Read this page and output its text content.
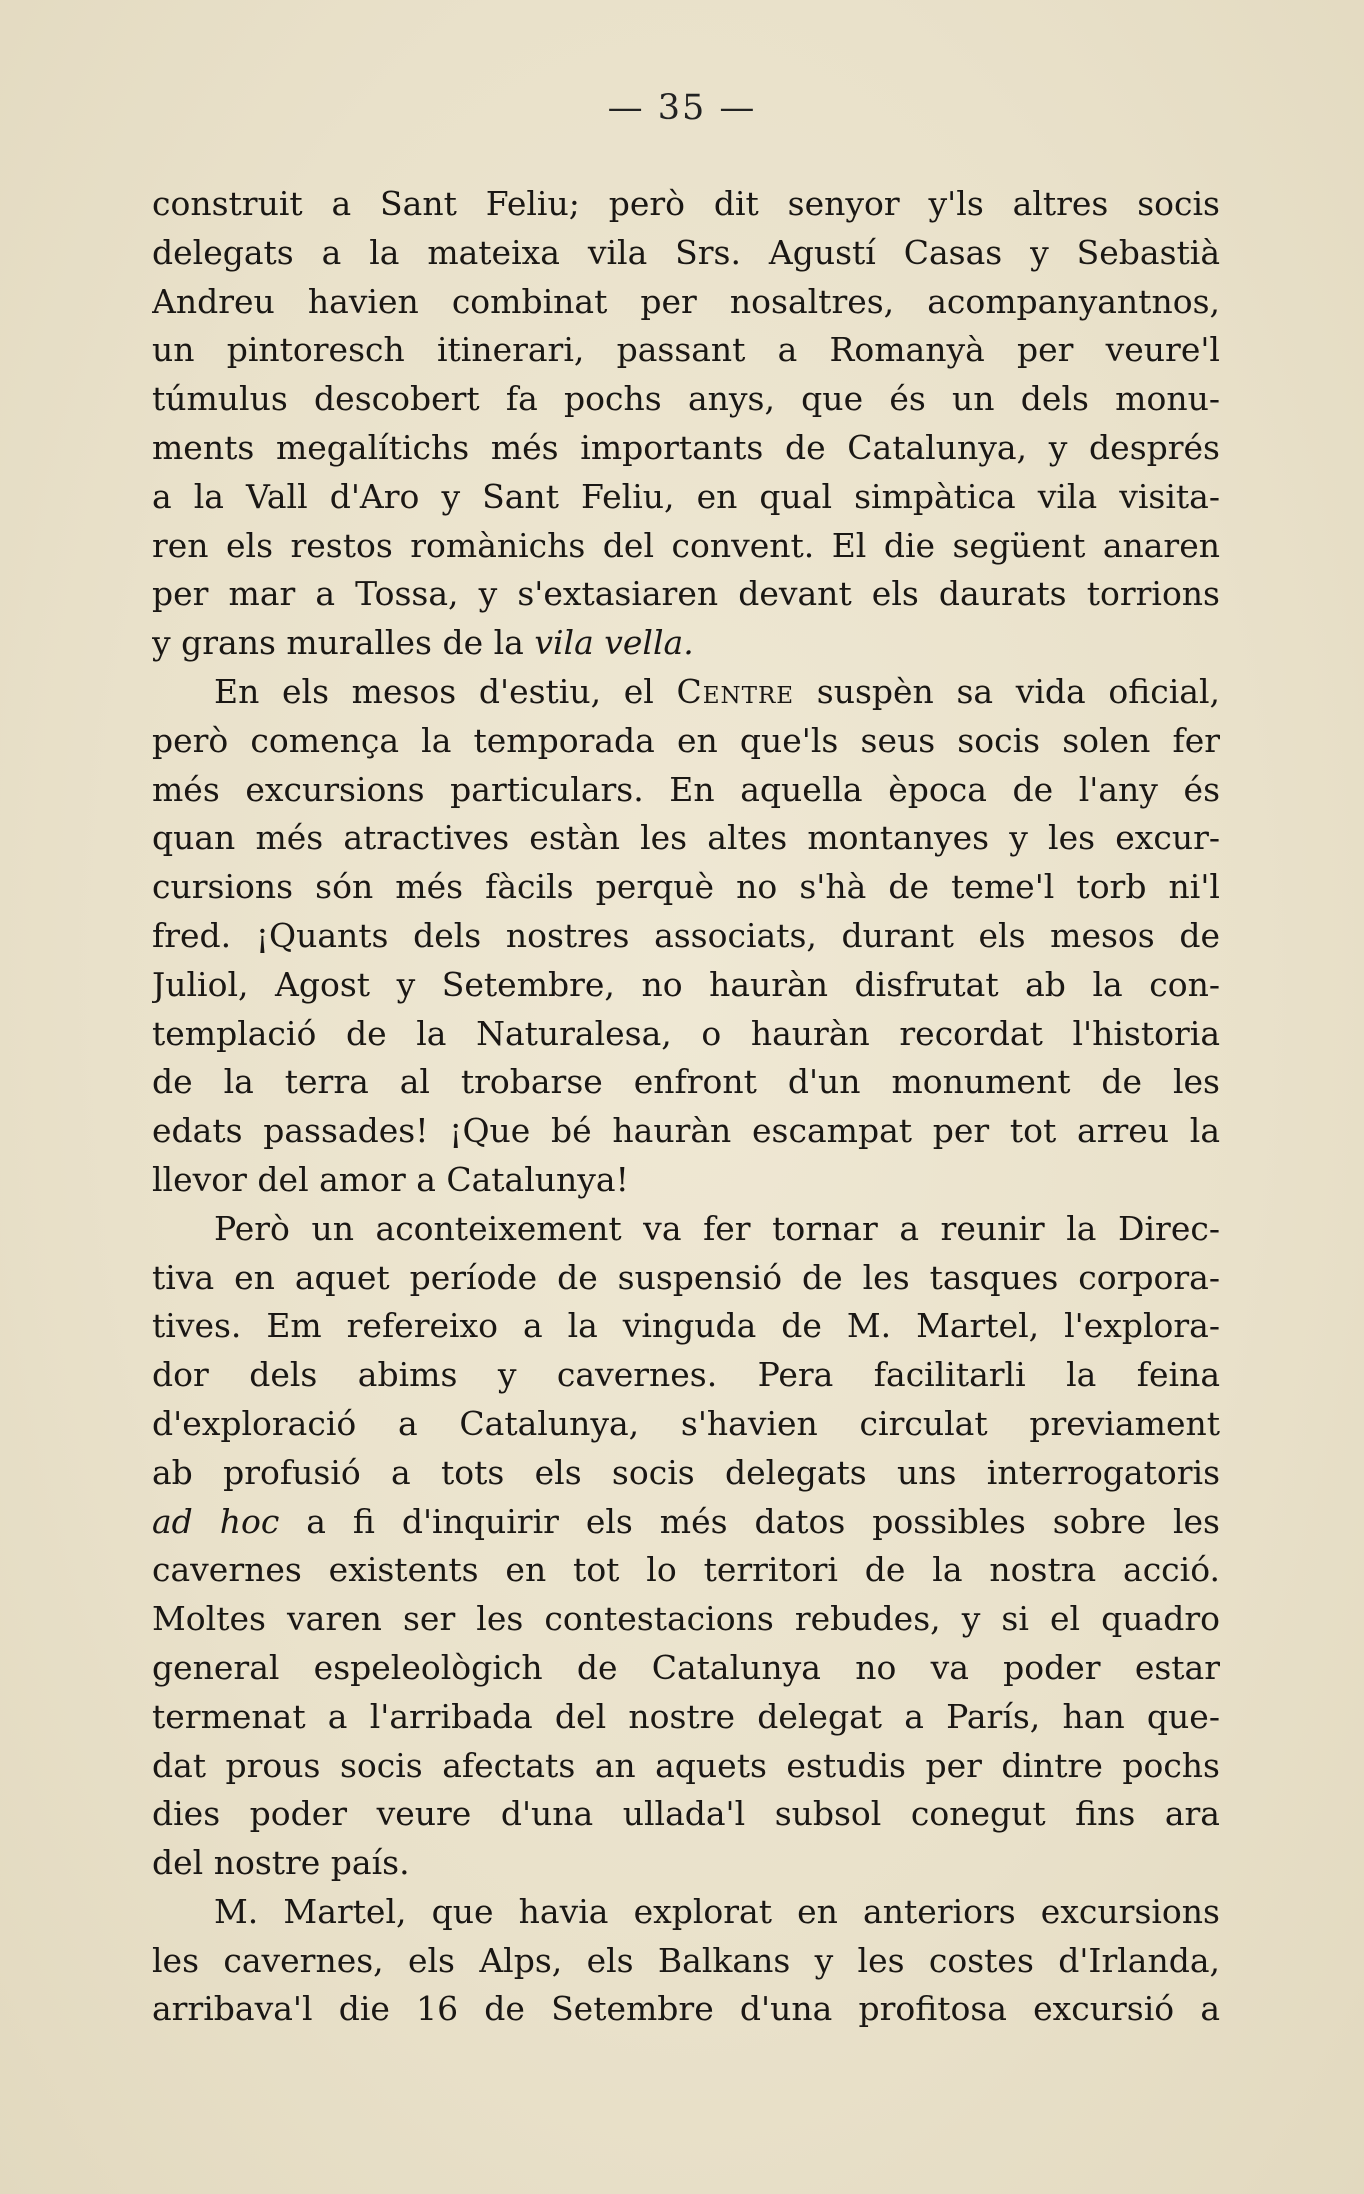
— 35 —
construit a Sant Feliu; però dit senyor y'ls altres socis
delegats a la mateixa vila Srs. Agustí Casas y Sebastià
Andreu havien combinat per nosaltres, acompanyantnos,
un pintoresch itinerari, passant a Romanyà per veure'l
túmulus descobert fa pochs anys, que és un dels monu-
ments megalítichs més importants de Catalunya, y després
a la Vall d'Aro y Sant Feliu, en qual simpàtica vila visita-
ren els restos romànichs del convent. El die següent anaren
per mar a Tossa, y s'extasiaren devant els daurats torrions
y grans muralles de la vila vella.
En els mesos d'estiu, el Centre suspèn sa vida oficial,
però comença la temporada en que'ls seus socis solen fer
més excursions particulars. En aquella època de l'any és
quan més atractives estàn les altes montanyes y les excur-
cursions són més fàcils perquè no s'hà de teme'l torb ni'l
fred. ¡Quants dels nostres associats, durant els mesos de
Juliol, Agost y Setembre, no hauràn disfrutat ab la con-
templació de la Naturalesa, o hauràn recordat l'historia
de la terra al trobarse enfront d'un monument de les
edats passades! ¡Que bé hauràn escampat per tot arreu la
llevor del amor a Catalunya!
Però un aconteixement va fer tornar a reunir la Direc-
tiva en aquet període de suspensió de les tasques corpora-
tives. Em refereixo a la vinguda de M. Martel, l'explora-
dor dels abims y cavernes. Pera facilitarli la feina
d'exploració a Catalunya, s'havien circulat previament
ab profusió a tots els socis delegats uns interrogatoris
ad hoc a fi d'inquirir els més datos possibles sobre les
cavernes existents en tot lo territori de la nostra acció.
Moltes varen ser les contestacions rebudes, y si el quadro
general espeleològich de Catalunya no va poder estar
termenat a l'arribada del nostre delegat a París, han que-
dat prous socis afectats an aquets estudis per dintre pochs
dies poder veure d'una ullada'l subsol conegut fins ara
del nostre país.
M. Martel, que havia explorat en anteriors excursions
les cavernes, els Alps, els Balkans y les costes d'Irlanda,
arribava'l die 16 de Setembre d'una profitosa excursió a
